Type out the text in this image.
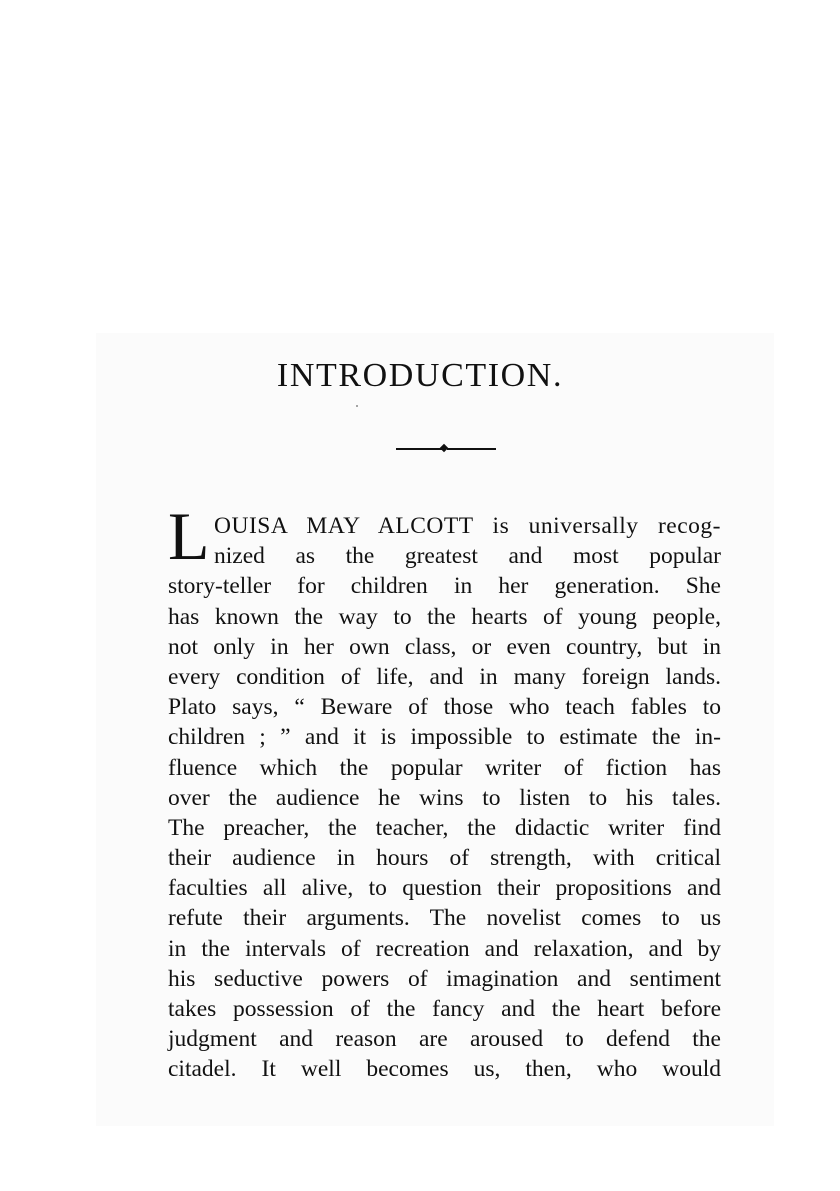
INTRODUCTION.
L OUISA MAY ALCOTT is universally recog-
nized as the greatest and most popular
story-teller for children in her generation. She
has known the way to the hearts of young people,
not only in her own class, or even country, but in
every condition of life, and in many foreign lands.
Plato says, “ Beware of those who teach fables to
children ; ” and it is impossible to estimate the in-
fluence which the popular writer of fiction has
over the audience he wins to listen to his tales.
The preacher, the teacher, the didactic writer find
their audience in hours of strength, with critical
faculties all alive, to question their propositions and
refute their arguments. The novelist comes to us
in the intervals of recreation and relaxation, and by
his seductive powers of imagination and sentiment
takes possession of the fancy and the heart before
judgment and reason are aroused to defend the
citadel. It well becomes us, then, who would
